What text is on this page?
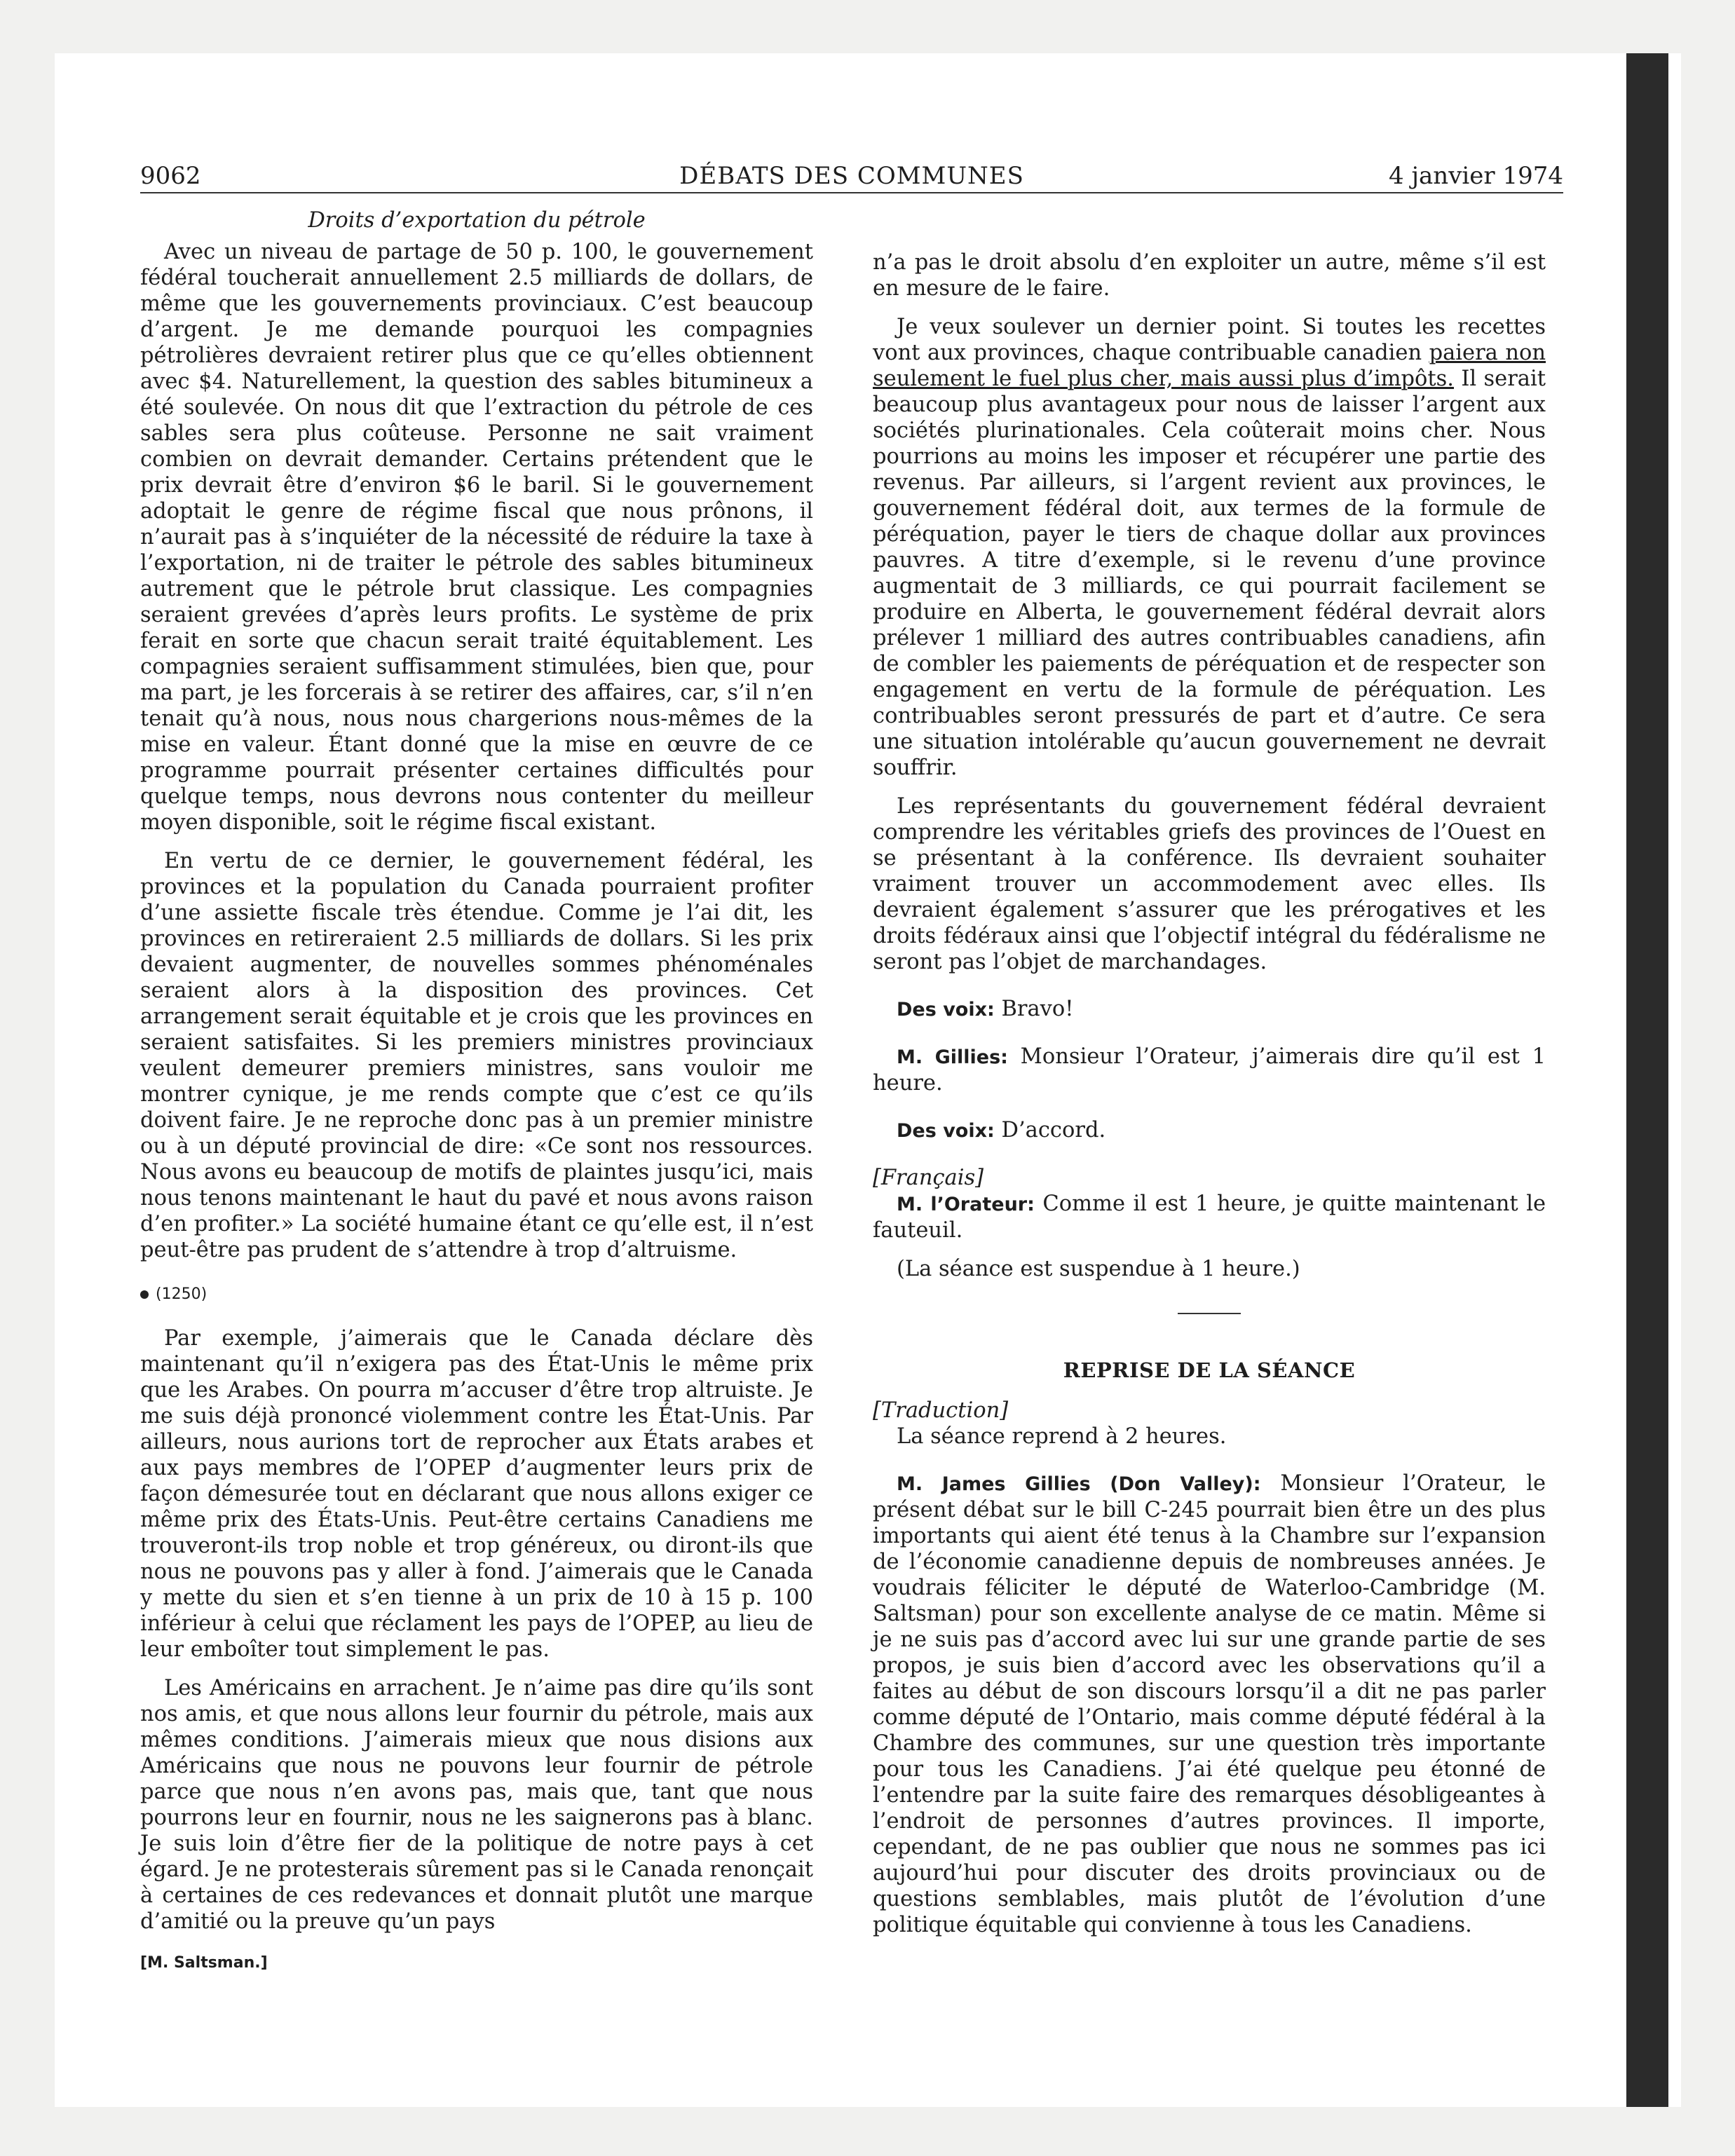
9062	DÉBATS DES COMMUNES	4 janvier 1974
Droits d’exportation du pétrole

Avec un niveau de partage de 50 p. 100, le gouvernement fédéral toucherait annuellement 2.5 milliards de dollars, de même que les gouvernements provinciaux. C’est beaucoup d’argent. Je me demande pourquoi les compagnies pétrolières devraient retirer plus que ce qu’elles obtiennent avec $4. Naturellement, la question des sables bitumineux a été soulevée. On nous dit que l’extraction du pétrole de ces sables sera plus coûteuse. Personne ne sait vraiment combien on devrait demander. Certains prétendent que le prix devrait être d’environ $6 le baril. Si le gouvernement adoptait le genre de régime fiscal que nous prônons, il n’aurait pas à s’inquiéter de la nécessité de réduire la taxe à l’exportation, ni de traiter le pétrole des sables bitumineux autrement que le pétrole brut classique. Les compagnies seraient grevées d’après leurs profits. Le système de prix ferait en sorte que chacun serait traité équitablement. Les compagnies seraient suffisamment stimulées, bien que, pour ma part, je les forcerais à se retirer des affaires, car, s’il n’en tenait qu’à nous, nous nous chargerions nous-mêmes de la mise en valeur. Étant donné que la mise en œuvre de ce programme pourrait présenter certaines difficultés pour quelque temps, nous devrons nous contenter du meilleur moyen disponible, soit le régime fiscal existant.

En vertu de ce dernier, le gouvernement fédéral, les provinces et la population du Canada pourraient profiter d’une assiette fiscale très étendue. Comme je l’ai dit, les provinces en retireraient 2.5 milliards de dollars. Si les prix devaient augmenter, de nouvelles sommes phénoménales seraient alors à la disposition des provinces. Cet arrangement serait équitable et je crois que les provinces en seraient satisfaites. Si les premiers ministres provinciaux veulent demeurer premiers ministres, sans vouloir me montrer cynique, je me rends compte que c’est ce qu’ils doivent faire. Je ne reproche donc pas à un premier ministre ou à un député provincial de dire: «Ce sont nos ressources. Nous avons eu beaucoup de motifs de plaintes jusqu’ici, mais nous tenons maintenant le haut du pavé et nous avons raison d’en profiter.» La société humaine étant ce qu’elle est, il n’est peut-être pas prudent de s’attendre à trop d’altruisme.

(1250)

Par exemple, j’aimerais que le Canada déclare dès maintenant qu’il n’exigera pas des État-Unis le même prix que les Arabes. On pourra m’accuser d’être trop altruiste. Je me suis déjà prononcé violemment contre les État-Unis. Par ailleurs, nous aurions tort de reprocher aux États arabes et aux pays membres de l’OPEP d’augmenter leurs prix de façon démesurée tout en déclarant que nous allons exiger ce même prix des États-Unis. Peut-être certains Canadiens me trouveront-ils trop noble et trop généreux, ou diront-ils que nous ne pouvons pas y aller à fond. J’aimerais que le Canada y mette du sien et s’en tienne à un prix de 10 à 15 p. 100 inférieur à celui que réclament les pays de l’OPEP, au lieu de leur emboîter tout simplement le pas.

Les Américains en arrachent. Je n’aime pas dire qu’ils sont nos amis, et que nous allons leur fournir du pétrole, mais aux mêmes conditions. J’aimerais mieux que nous disions aux Américains que nous ne pouvons leur fournir de pétrole parce que nous n’en avons pas, mais que, tant que nous pourrons leur en fournir, nous ne les saignerons pas à blanc. Je suis loin d’être fier de la politique de notre pays à cet égard. Je ne protesterais sûrement pas si le Canada renonçait à certaines de ces redevances et donnait plutôt une marque d’amitié ou la preuve qu’un pays

[M. Saltsman.]

n’a pas le droit absolu d’en exploiter un autre, même s’il est en mesure de le faire.

Je veux soulever un dernier point. Si toutes les recettes vont aux provinces, chaque contribuable canadien paiera non seulement le fuel plus cher, mais aussi plus d’impôts. Il serait beaucoup plus avantageux pour nous de laisser l’argent aux sociétés plurinationales. Cela coûterait moins cher. Nous pourrions au moins les imposer et récupérer une partie des revenus. Par ailleurs, si l’argent revient aux provinces, le gouvernement fédéral doit, aux termes de la formule de péréquation, payer le tiers de chaque dollar aux provinces pauvres. A titre d’exemple, si le revenu d’une province augmentait de 3 milliards, ce qui pourrait facilement se produire en Alberta, le gouvernement fédéral devrait alors prélever 1 milliard des autres contribuables canadiens, afin de combler les paiements de péréquation et de respecter son engagement en vertu de la formule de péréquation. Les contribuables seront pressurés de part et d’autre. Ce sera une situation intolérable qu’aucun gouvernement ne devrait souffrir.

Les représentants du gouvernement fédéral devraient comprendre les véritables griefs des provinces de l’Ouest en se présentant à la conférence. Ils devraient souhaiter vraiment trouver un accommodement avec elles. Ils devraient également s’assurer que les prérogatives et les droits fédéraux ainsi que l’objectif intégral du fédéralisme ne seront pas l’objet de marchandages.

Des voix: Bravo!

M. Gillies: Monsieur l’Orateur, j’aimerais dire qu’il est 1 heure.

Des voix: D’accord.

[Français]

M. l’Orateur: Comme il est 1 heure, je quitte maintenant le fauteuil.

(La séance est suspendue à 1 heure.)

REPRISE DE LA SÉANCE

[Traduction]

La séance reprend à 2 heures.

M. James Gillies (Don Valley): Monsieur l’Orateur, le présent débat sur le bill C-245 pourrait bien être un des plus importants qui aient été tenus à la Chambre sur l’expansion de l’économie canadienne depuis de nombreuses années. Je voudrais féliciter le député de Waterloo-Cambridge (M. Saltsman) pour son excellente analyse de ce matin. Même si je ne suis pas d’accord avec lui sur une grande partie de ses propos, je suis bien d’accord avec les observations qu’il a faites au début de son discours lorsqu’il a dit ne pas parler comme député de l’Ontario, mais comme député fédéral à la Chambre des communes, sur une question très importante pour tous les Canadiens. J’ai été quelque peu étonné de l’entendre par la suite faire des remarques désobligeantes à l’endroit de personnes d’autres provinces. Il importe, cependant, de ne pas oublier que nous ne sommes pas ici aujourd’hui pour discuter des droits provinciaux ou de questions semblables, mais plutôt de l’évolution d’une politique équitable qui convienne à tous les Canadiens.
